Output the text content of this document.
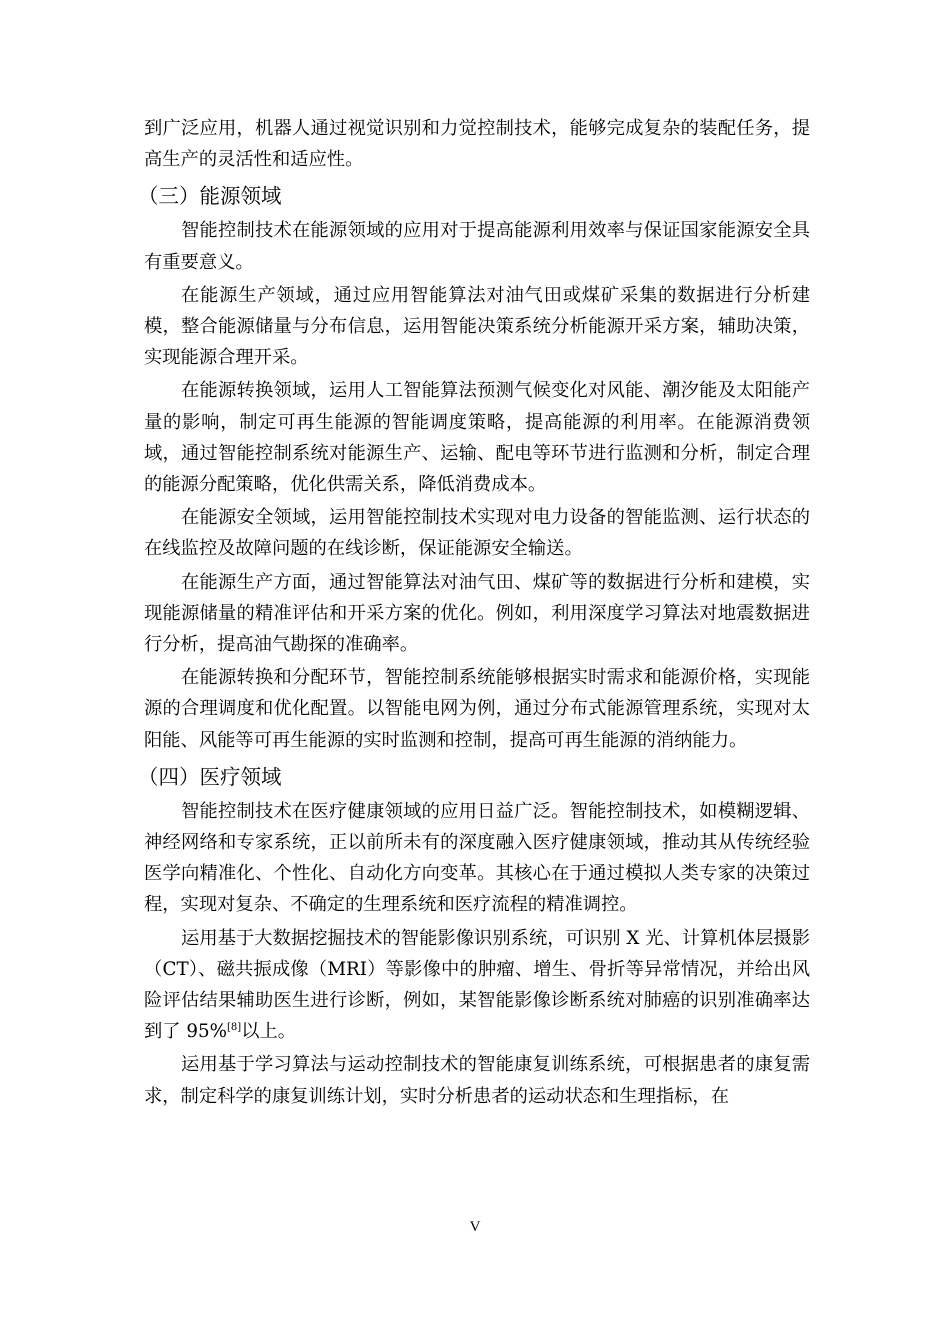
到广泛应用，机器人通过视觉识别和力觉控制技术，能够完成复杂的装配任务，提高生产的灵活性和适应性。

（三）能源领域

智能控制技术在能源领域的应用对于提高能源利用效率与保证国家能源安全具有重要意义。

在能源生产领域，通过应用智能算法对油气田或煤矿采集的数据进行分析建模，整合能源储量与分布信息，运用智能决策系统分析能源开采方案，辅助决策，实现能源合理开采。

在能源转换领域，运用人工智能算法预测气候变化对风能、潮汐能及太阳能产量的影响，制定可再生能源的智能调度策略，提高能源的利用率。在能源消费领域，通过智能控制系统对能源生产、运输、配电等环节进行监测和分析，制定合理的能源分配策略，优化供需关系，降低消费成本。

在能源安全领域，运用智能控制技术实现对电力设备的智能监测、运行状态的在线监控及故障问题的在线诊断，保证能源安全输送。

在能源生产方面，通过智能算法对油气田、煤矿等的数据进行分析和建模，实现能源储量的精准评估和开采方案的优化。例如，利用深度学习算法对地震数据进行分析，提高油气勘探的准确率。

在能源转换和分配环节，智能控制系统能够根据实时需求和能源价格，实现能源的合理调度和优化配置。以智能电网为例，通过分布式能源管理系统，实现对太阳能、风能等可再生能源的实时监测和控制，提高可再生能源的消纳能力。

（四）医疗领域

智能控制技术在医疗健康领域的应用日益广泛。智能控制技术，如模糊逻辑、神经网络和专家系统，正以前所未有的深度融入医疗健康领域，推动其从传统经验医学向精准化、个性化、自动化方向变革。其核心在于通过模拟人类专家的决策过程，实现对复杂、不确定的生理系统和医疗流程的精准调控。

运用基于大数据挖掘技术的智能影像识别系统，可识别 X 光、计算机体层摄影（CT）、磁共振成像（MRI）等影像中的肿瘤、增生、骨折等异常情况，并给出风险评估结果辅助医生进行诊断，例如，某智能影像诊断系统对肺癌的识别准确率达到了 95%[8]以上。

运用基于学习算法与运动控制技术的智能康复训练系统，可根据患者的康复需求，制定科学的康复训练计划，实时分析患者的运动状态和生理指标，在

V
